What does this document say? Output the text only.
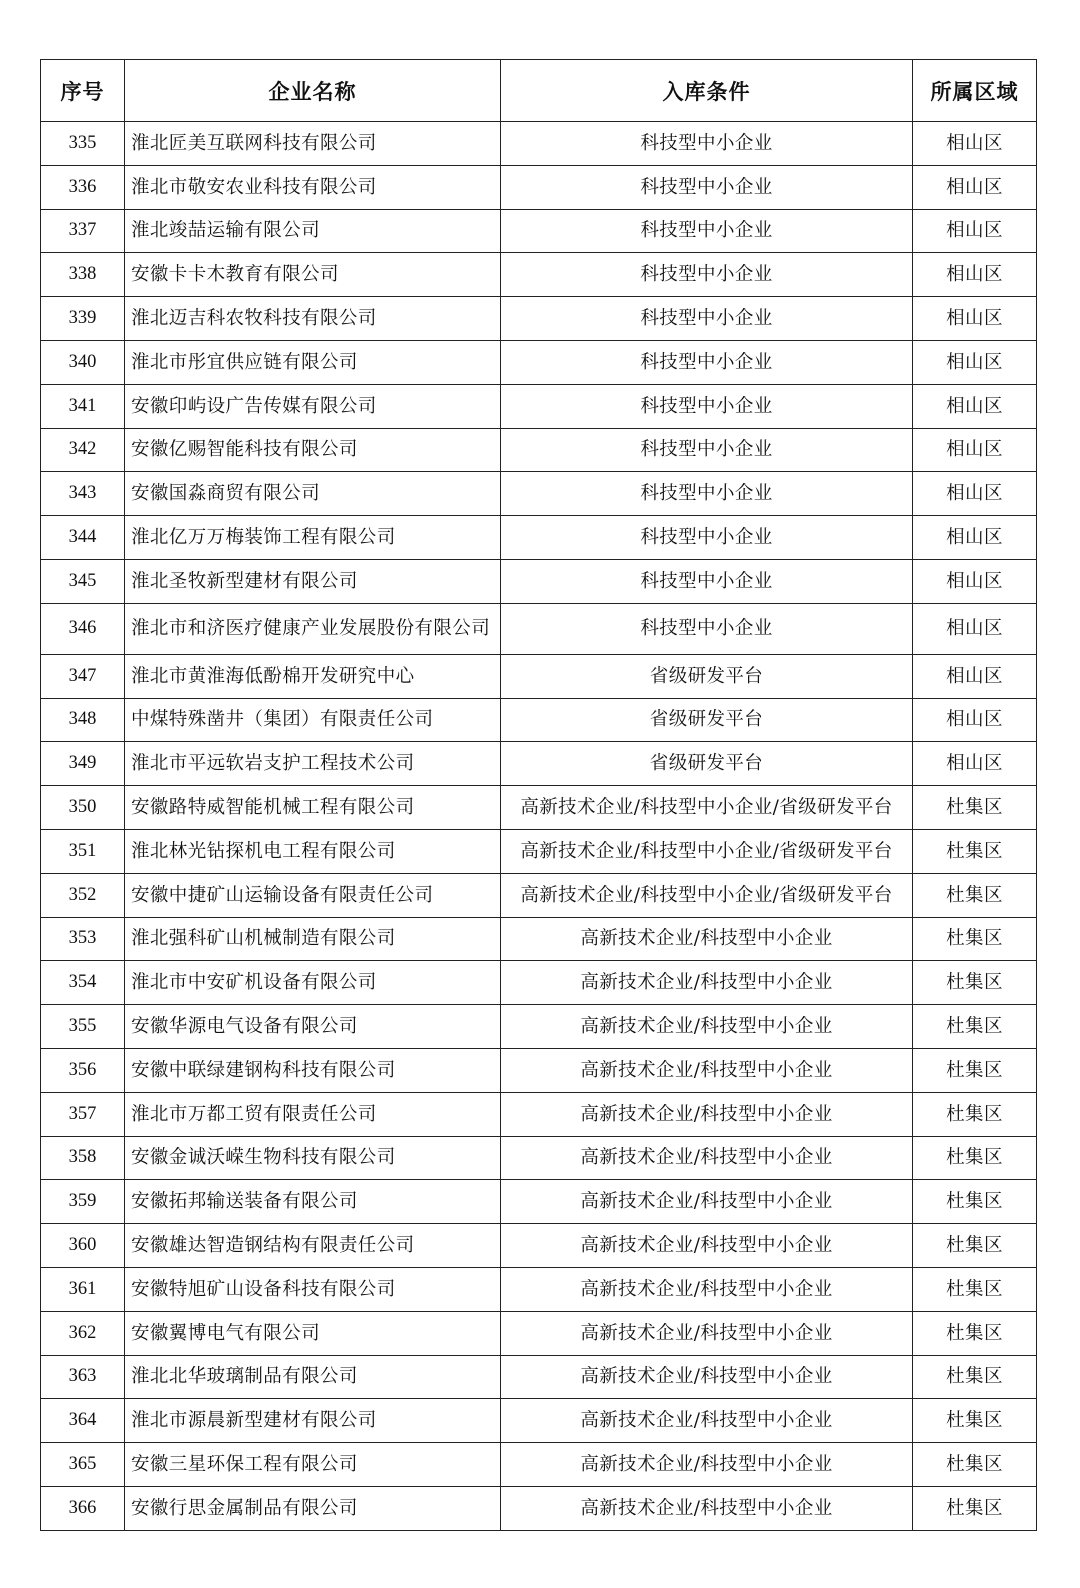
序号	企业名称	入库条件	所属区域
335	淮北匠美互联网科技有限公司	科技型中小企业	相山区
336	淮北市敬安农业科技有限公司	科技型中小企业	相山区
337	淮北竣喆运输有限公司	科技型中小企业	相山区
338	安徽卡卡木教育有限公司	科技型中小企业	相山区
339	淮北迈吉科农牧科技有限公司	科技型中小企业	相山区
340	淮北市彤宜供应链有限公司	科技型中小企业	相山区
341	安徽印屿设广告传媒有限公司	科技型中小企业	相山区
342	安徽亿赐智能科技有限公司	科技型中小企业	相山区
343	安徽国淼商贸有限公司	科技型中小企业	相山区
344	淮北亿万万梅装饰工程有限公司	科技型中小企业	相山区
345	淮北圣牧新型建材有限公司	科技型中小企业	相山区
346	淮北市和济医疗健康产业发展股份有限公司	科技型中小企业	相山区
347	淮北市黄淮海低酚棉开发研究中心	省级研发平台	相山区
348	中煤特殊凿井（集团）有限责任公司	省级研发平台	相山区
349	淮北市平远软岩支护工程技术公司	省级研发平台	相山区
350	安徽路特威智能机械工程有限公司	高新技术企业/科技型中小企业/省级研发平台	杜集区
351	淮北林光钻探机电工程有限公司	高新技术企业/科技型中小企业/省级研发平台	杜集区
352	安徽中捷矿山运输设备有限责任公司	高新技术企业/科技型中小企业/省级研发平台	杜集区
353	淮北强科矿山机械制造有限公司	高新技术企业/科技型中小企业	杜集区
354	淮北市中安矿机设备有限公司	高新技术企业/科技型中小企业	杜集区
355	安徽华源电气设备有限公司	高新技术企业/科技型中小企业	杜集区
356	安徽中联绿建钢构科技有限公司	高新技术企业/科技型中小企业	杜集区
357	淮北市万都工贸有限责任公司	高新技术企业/科技型中小企业	杜集区
358	安徽金诚沃嵘生物科技有限公司	高新技术企业/科技型中小企业	杜集区
359	安徽拓邦输送装备有限公司	高新技术企业/科技型中小企业	杜集区
360	安徽雄达智造钢结构有限责任公司	高新技术企业/科技型中小企业	杜集区
361	安徽特旭矿山设备科技有限公司	高新技术企业/科技型中小企业	杜集区
362	安徽翼博电气有限公司	高新技术企业/科技型中小企业	杜集区
363	淮北北华玻璃制品有限公司	高新技术企业/科技型中小企业	杜集区
364	淮北市源晨新型建材有限公司	高新技术企业/科技型中小企业	杜集区
365	安徽三星环保工程有限公司	高新技术企业/科技型中小企业	杜集区
366	安徽行思金属制品有限公司	高新技术企业/科技型中小企业	杜集区
